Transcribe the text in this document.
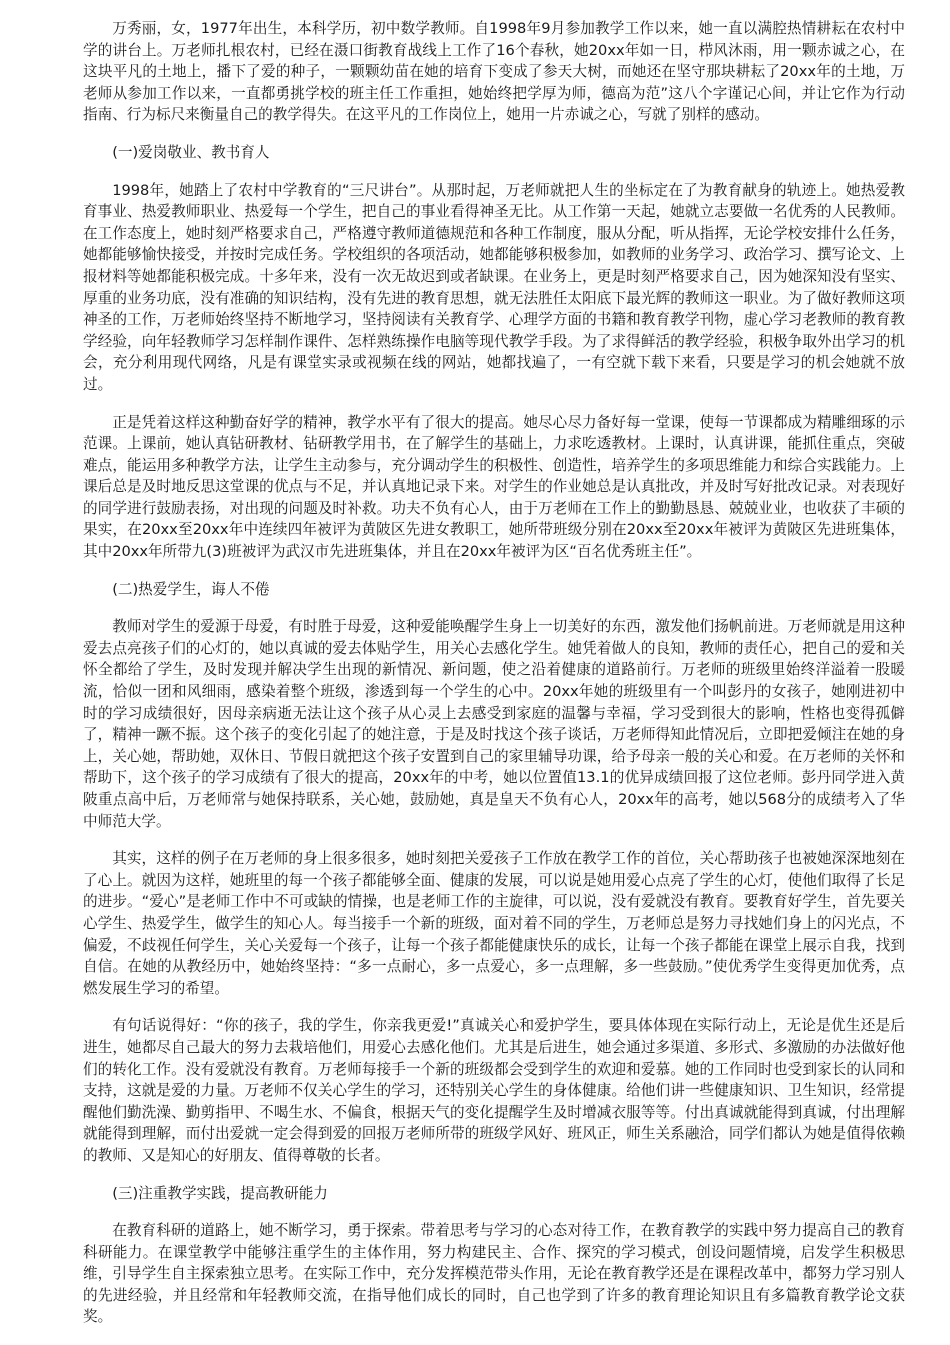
万秀丽，女，1977年出生，本科学历，初中数学教师。自1998年9月参加教学工作以来，她一直以满腔热情耕耘在农村中学的讲台上。万老师扎根农村，已经在滠口街教育战线上工作了16个春秋，她20xx年如一日，栉风沐雨，用一颗赤诚之心，在这块平凡的土地上，播下了爱的种子，一颗颗幼苗在她的培育下变成了参天大树，而她还在坚守那块耕耘了20xx年的土地，万老师从参加工作以来，一直都勇挑学校的班主任工作重担，她始终把学厚为师，德高为范”这八个字谨记心间，并让它作为行动指南、行为标尺来衡量自己的教学得失。在这平凡的工作岗位上，她用一片赤诚之心，写就了别样的感动。

(一)爱岗敬业、教书育人

1998年，她踏上了农村中学教育的“三尺讲台”。从那时起，万老师就把人生的坐标定在了为教育献身的轨迹上。她热爱教育事业、热爱教师职业、热爱每一个学生，把自己的事业看得神圣无比。从工作第一天起，她就立志要做一名优秀的人民教师。在工作态度上，她时刻严格要求自己，严格遵守教师道德规范和各种工作制度，服从分配，听从指挥，无论学校安排什么任务，她都能够愉快接受，并按时完成任务。学校组织的各项活动，她都能够积极参加，如教师的业务学习、政治学习、撰写论文、上报材料等她都能积极完成。十多年来，没有一次无故迟到或者缺课。在业务上，更是时刻严格要求自己，因为她深知没有坚实、厚重的业务功底，没有准确的知识结构，没有先进的教育思想，就无法胜任太阳底下最光辉的教师这一职业。为了做好教师这项神圣的工作，万老师始终坚持不断地学习，坚持阅读有关教育学、心理学方面的书籍和教育教学刊物，虚心学习老教师的教育教学经验，向年轻教师学习怎样制作课件、怎样熟练操作电脑等现代教学手段。为了求得鲜活的教学经验，积极争取外出学习的机会，充分利用现代网络，凡是有课堂实录或视频在线的网站，她都找遍了，一有空就下载下来看，只要是学习的机会她就不放过。

正是凭着这样这种勤奋好学的精神，教学水平有了很大的提高。她尽心尽力备好每一堂课，使每一节课都成为精雕细琢的示范课。上课前，她认真钻研教材、钻研教学用书，在了解学生的基础上，力求吃透教材。上课时，认真讲课，能抓住重点，突破难点，能运用多种教学方法，让学生主动参与，充分调动学生的积极性、创造性，培养学生的多项思维能力和综合实践能力。上课后总是及时地反思这堂课的优点与不足，并认真地记录下来。对学生的作业她总是认真批改，并及时写好批改记录。对表现好的同学进行鼓励表扬，对出现的问题及时补救。功夫不负有心人，由于万老师在工作上的勤勤恳恳、兢兢业业，也收获了丰硕的果实，在20xx至20xx年中连续四年被评为黄陂区先进女教职工，她所带班级分别在20xx至20xx年被评为黄陂区先进班集体，其中20xx年所带九(3)班被评为武汉市先进班集体，并且在20xx年被评为区“百名优秀班主任”。

(二)热爱学生，诲人不倦

教师对学生的爱源于母爱，有时胜于母爱，这种爱能唤醒学生身上一切美好的东西，激发他们扬帆前进。万老师就是用这种爱去点亮孩子们的心灯的，她以真诚的爱去体贴学生，用关心去感化学生。她凭着做人的良知，教师的责任心，把自己的爱和关怀全都给了学生，及时发现并解决学生出现的新情况、新问题，使之沿着健康的道路前行。万老师的班级里始终洋溢着一股暖流，恰似一团和风细雨，感染着整个班级，渗透到每一个学生的心中。20xx年她的班级里有一个叫彭丹的女孩子，她刚进初中时的学习成绩很好，因母亲病逝无法让这个孩子从心灵上去感受到家庭的温馨与幸福，学习受到很大的影响，性格也变得孤僻了，精神一蹶不振。这个孩子的变化引起了的她注意，于是及时找这个孩子谈话，万老师得知此情况后，立即把爱倾注在她的身上，关心她，帮助她，双休日、节假日就把这个孩子安置到自己的家里辅导功课，给予母亲一般的关心和爱。在万老师的关怀和帮助下，这个孩子的学习成绩有了很大的提高，20xx年的中考，她以位置值13.1的优异成绩回报了这位老师。彭丹同学进入黄陂重点高中后，万老师常与她保持联系，关心她，鼓励她，真是皇天不负有心人，20xx年的高考，她以568分的成绩考入了华中师范大学。

其实，这样的例子在万老师的身上很多很多，她时刻把关爱孩子工作放在教学工作的首位，关心帮助孩子也被她深深地刻在了心上。就因为这样，她班里的每一个孩子都能够全面、健康的发展，可以说是她用爱心点亮了学生的心灯，使他们取得了长足的进步。“爱心”是老师工作中不可或缺的情操，也是老师工作的主旋律，可以说，没有爱就没有教育。要教育好学生，首先要关心学生、热爱学生，做学生的知心人。每当接手一个新的班级，面对着不同的学生，万老师总是努力寻找她们身上的闪光点，不偏爱，不歧视任何学生，关心关爱每一个孩子，让每一个孩子都能健康快乐的成长，让每一个孩子都能在课堂上展示自我，找到自信。在她的从教经历中，她始终坚持：“多一点耐心，多一点爱心，多一点理解，多一些鼓励。”使优秀学生变得更加优秀，点燃发展生学习的希望。

有句话说得好：“你的孩子，我的学生，你亲我更爱!”真诚关心和爱护学生，要具体体现在实际行动上，无论是优生还是后进生，她都尽自己最大的努力去栽培他们，用爱心去感化他们。尤其是后进生，她会通过多渠道、多形式、多激励的办法做好他们的转化工作。没有爱就没有教育。万老师每接手一个新的班级都会受到学生的欢迎和爱慕。她的工作同时也受到家长的认同和支持，这就是爱的力量。万老师不仅关心学生的学习，还特别关心学生的身体健康。给他们讲一些健康知识、卫生知识，经常提醒他们勤洗澡、勤剪指甲、不喝生水、不偏食，根据天气的变化提醒学生及时增减衣服等等。付出真诚就能得到真诚，付出理解就能得到理解，而付出爱就一定会得到爱的回报万老师所带的班级学风好、班风正，师生关系融洽，同学们都认为她是值得依赖的教师、又是知心的好朋友、值得尊敬的长者。

(三)注重教学实践，提高教研能力

在教育科研的道路上，她不断学习，勇于探索。带着思考与学习的心态对待工作，在教育教学的实践中努力提高自己的教育科研能力。在课堂教学中能够注重学生的主体作用，努力构建民主、合作、探究的学习模式，创设问题情境，启发学生积极思维，引导学生自主探索独立思考。在实际工作中，充分发挥模范带头作用，无论在教育教学还是在课程改革中，都努力学习别人的先进经验，并且经常和年轻教师交流，在指导他们成长的同时，自己也学到了许多的教育理论知识且有多篇教育教学论文获奖。
